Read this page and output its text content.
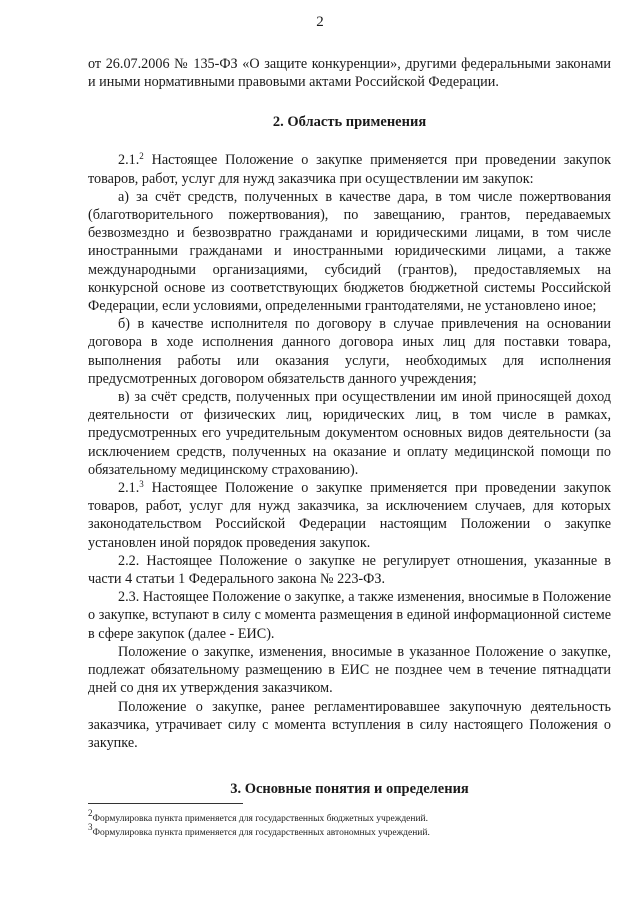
2

от 26.07.2006 № 135-ФЗ «О защите конкуренции», другими федеральными законами и иными нормативными правовыми актами Российской Федерации.

2. Область применения

2.1.$^2$ Настоящее Положение о закупке применяется при проведении закупок товаров, работ, услуг для нужд заказчика при осуществлении им закупок:

а) за счёт средств, полученных в качестве дара, в том числе пожертвования (благотворительного пожертвования), по завещанию, грантов, передаваемых безвозмездно и безвозвратно гражданами и юридическими лицами, в том числе иностранными гражданами и иностранными юридическими лицами, а также международными организациями, субсидий (грантов), предоставляемых на конкурсной основе из соответствующих бюджетов бюджетной системы Российской Федерации, если условиями, определенными грантодателями, не установлено иное;

б) в качестве исполнителя по договору в случае привлечения на основании договора в ходе исполнения данного договора иных лиц для поставки товара, выполнения работы или оказания услуги, необходимых для исполнения предусмотренных договором обязательств данного учреждения;

в) за счёт средств, полученных при осуществлении им иной приносящей доход деятельности от физических лиц, юридических лиц, в том числе в рамках, предусмотренных его учредительным документом основных видов деятельности (за исключением средств, полученных на оказание и оплату медицинской помощи по обязательному медицинскому страхованию).

2.1.$^3$ Настоящее Положение о закупке применяется при проведении закупок товаров, работ, услуг для нужд заказчика, за исключением случаев, для которых законодательством Российской Федерации настоящим Положении о закупке установлен иной порядок проведения закупок.

2.2. Настоящее Положение о закупке не регулирует отношения, указанные в части 4 статьи 1 Федерального закона № 223-ФЗ.

2.3. Настоящее Положение о закупке, а также изменения, вносимые в Положение о закупке, вступают в силу с момента размещения в единой информационной системе в сфере закупок (далее - ЕИС).

Положение о закупке, изменения, вносимые в указанное Положение о закупке, подлежат обязательному размещению в ЕИС не позднее чем в течение пятнадцати дней со дня их утверждения заказчиком.

Положение о закупке, ранее регламентировавшее закупочную деятельность заказчика, утрачивает силу с момента вступления в силу настоящего Положения о закупке.

3. Основные понятия и определения
$^2$Формулировка пункта применяется для государственных бюджетных учреждений.
$^3$Формулировка пункта применяется для государственных автономных учреждений.
